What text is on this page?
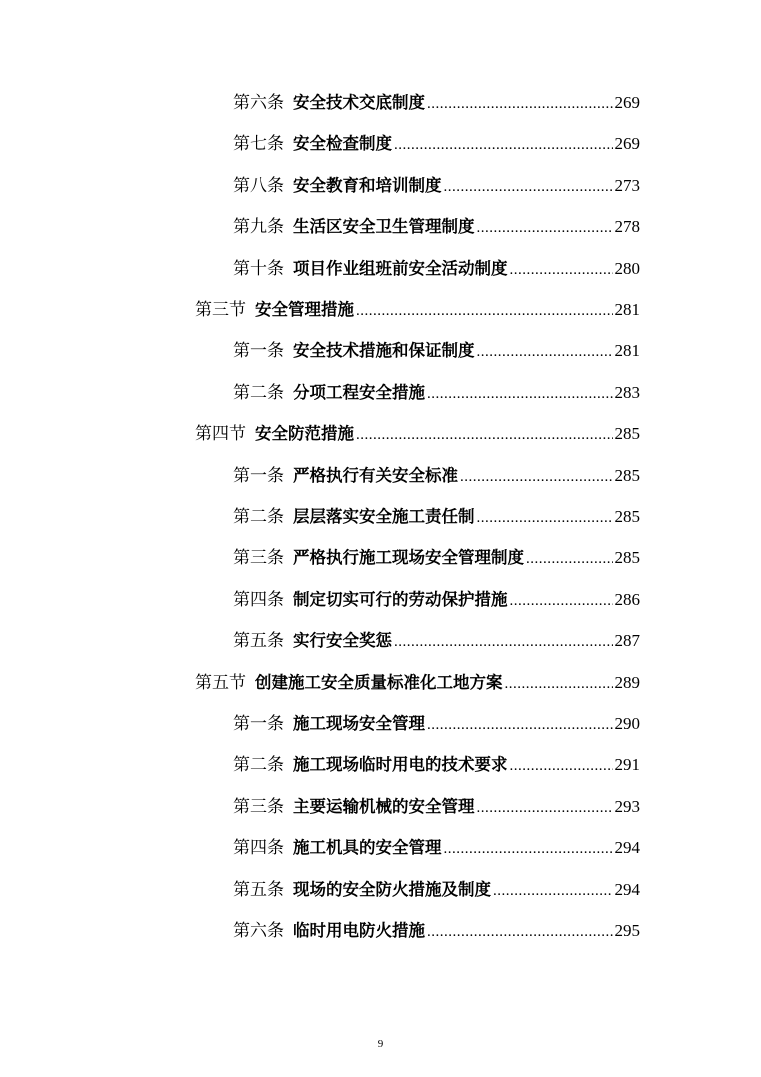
第六条 安全技术交底制度 .....	269
第七条 安全检查制度 .....	269
第八条 安全教育和培训制度 .....	273
第九条 生活区安全卫生管理制度 .....	278
第十条 项目作业组班前安全活动制度 .....	280
第三节 安全管理措施 .....	281
第一条 安全技术措施和保证制度 .....	281
第二条 分项工程安全措施 .....	283
第四节 安全防范措施 .....	285
第一条 严格执行有关安全标准 .....	285
第二条 层层落实安全施工责任制 .....	285
第三条 严格执行施工现场安全管理制度 .....	285
第四条 制定切实可行的劳动保护措施 .....	286
第五条 实行安全奖惩 .....	287
第五节 创建施工安全质量标准化工地方案 .....	289
第一条 施工现场安全管理 .....	290
第二条 施工现场临时用电的技术要求 .....	291
第三条 主要运输机械的安全管理 .....	293
第四条 施工机具的安全管理 .....	294
第五条 现场的安全防火措施及制度 .....	294
第六条 临时用电防火措施 .....	295
9
